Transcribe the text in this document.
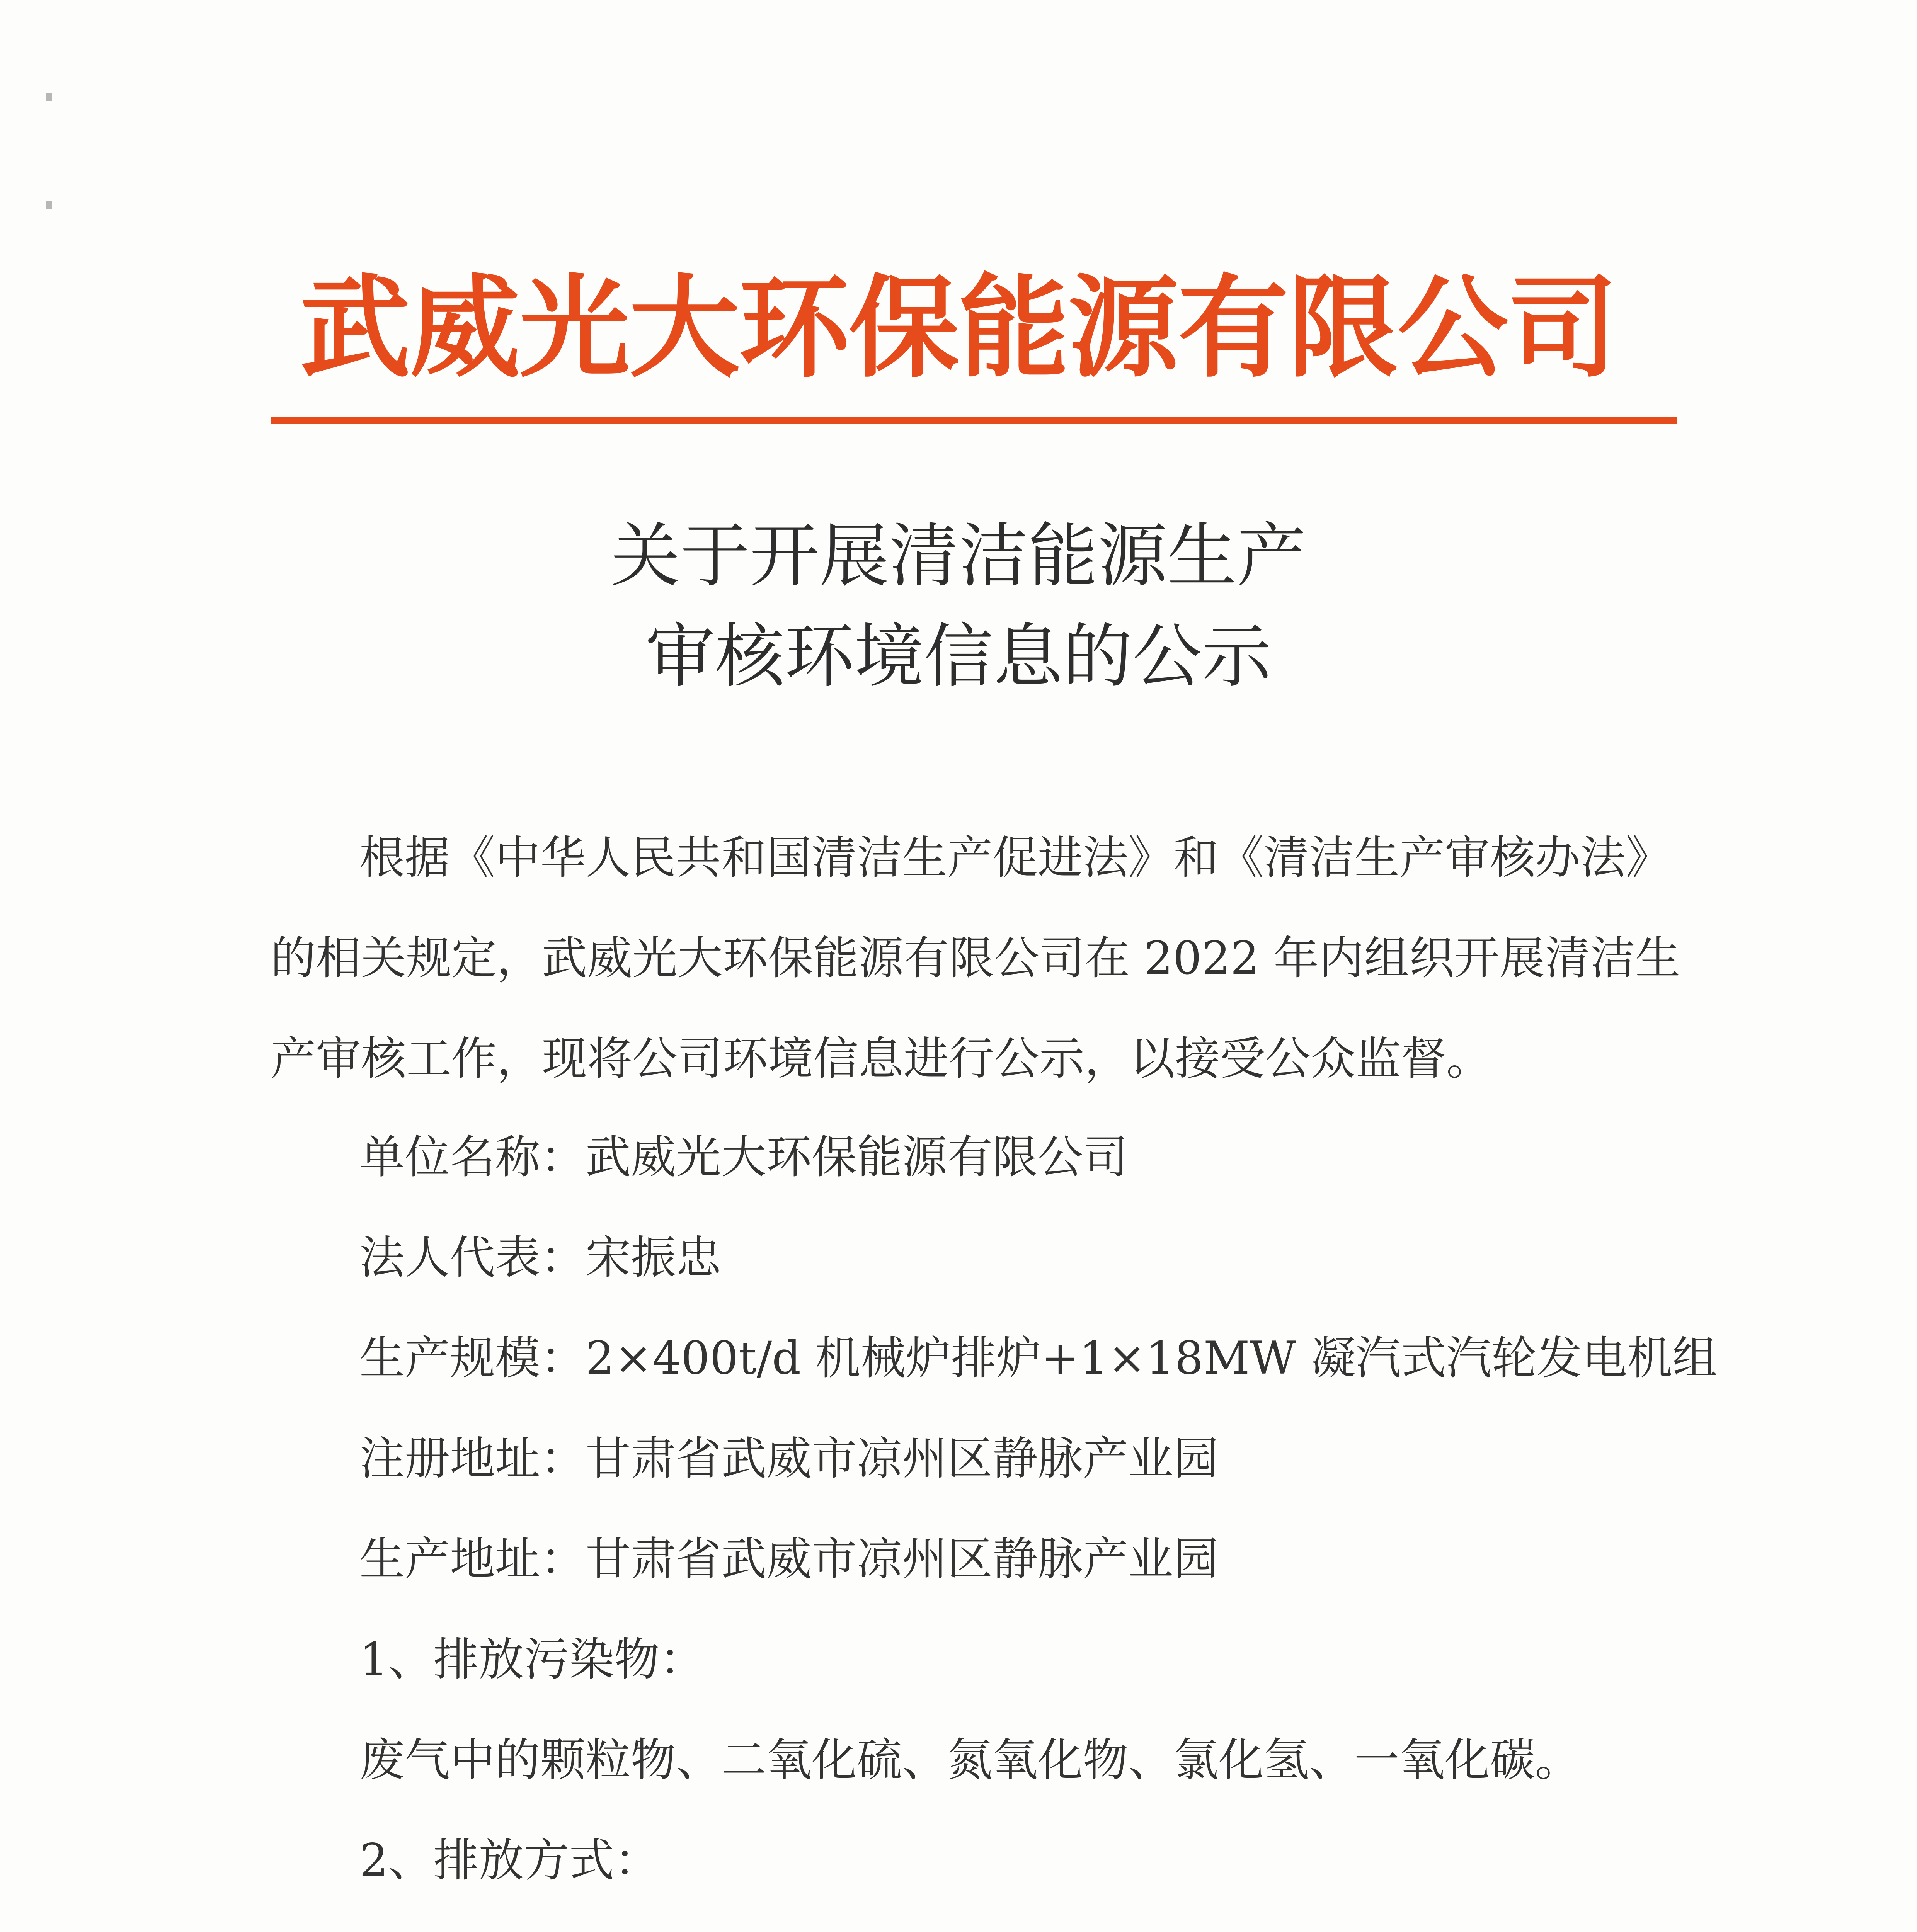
武威光大环保能源有限公司
关于开展清洁能源生产
审核环境信息的公示
根据《中华人民共和国清洁生产促进法》和《清洁生产审核办法》
的相关规定，武威光大环保能源有限公司在 2022 年内组织开展清洁生
产审核工作，现将公司环境信息进行公示，以接受公众监督。
单位名称：武威光大环保能源有限公司
法人代表：宋振忠
生产规模：2×400t/d 机械炉排炉+1×18MW 凝汽式汽轮发电机组
注册地址：甘肃省武威市凉州区静脉产业园
生产地址：甘肃省武威市凉州区静脉产业园
1、排放污染物：
废气中的颗粒物、二氧化硫、氮氧化物、氯化氢、一氧化碳。
2、排放方式：
